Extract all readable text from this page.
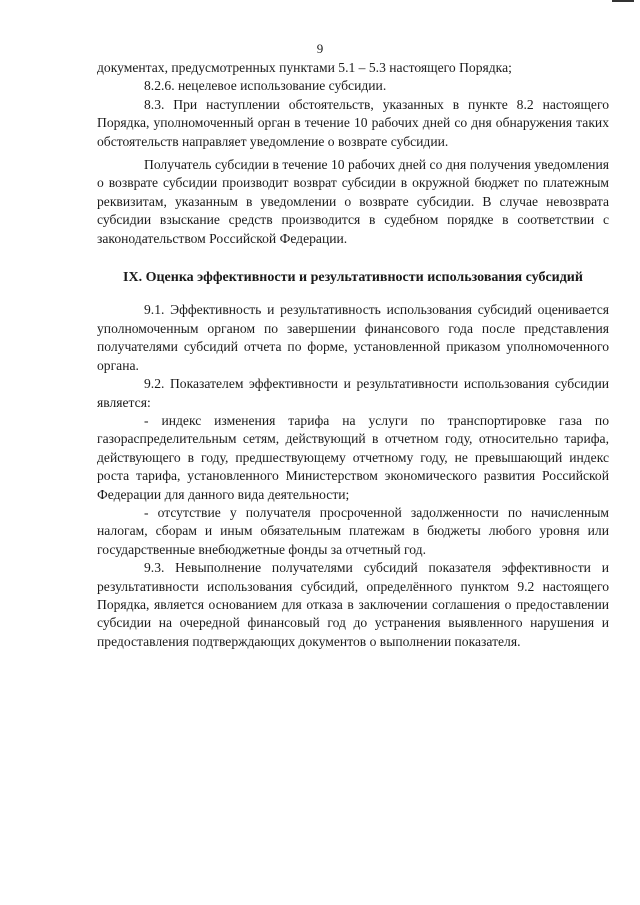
9

документах, предусмотренных пунктами 5.1 – 5.3 настоящего Порядка;

8.2.6. нецелевое использование субсидии.

8.3. При наступлении обстоятельств, указанных в пункте 8.2 настоящего Порядка, уполномоченный орган в течение 10 рабочих дней со дня обнаружения таких обстоятельств направляет уведомление о возврате субсидии.

Получатель субсидии в течение 10 рабочих дней со дня получения уведомления о возврате субсидии производит возврат субсидии в окружной бюджет по платежным реквизитам, указанным в уведомлении о возврате субсидии. В случае невозврата субсидии взыскание средств производится в судебном порядке в соответствии с законодательством Российской Федерации.

IX. Оценка эффективности и результативности использования субсидий

9.1. Эффективность и результативность использования субсидий оценивается уполномоченным органом по завершении финансового года после представления получателями субсидий отчета по форме, установленной приказом уполномоченного органа.

9.2. Показателем эффективности и результативности использования субсидии является:

- индекс изменения тарифа на услуги по транспортировке газа по газораспределительным сетям, действующий в отчетном году, относительно тарифа, действующего в году, предшествующему отчетному году, не превышающий индекс роста тарифа, установленного Министерством экономического развития Российской Федерации для данного вида деятельности;

- отсутствие у получателя просроченной задолженности по начисленным налогам, сборам и иным обязательным платежам в бюджеты любого уровня или государственные внебюджетные фонды за отчетный год.

9.3. Невыполнение получателями субсидий показателя эффективности и результативности использования субсидий, определённого пунктом 9.2 настоящего Порядка, является основанием для отказа в заключении соглашения о предоставлении субсидии на очередной финансовый год до устранения выявленного нарушения и предоставления подтверждающих документов о выполнении показателя.
